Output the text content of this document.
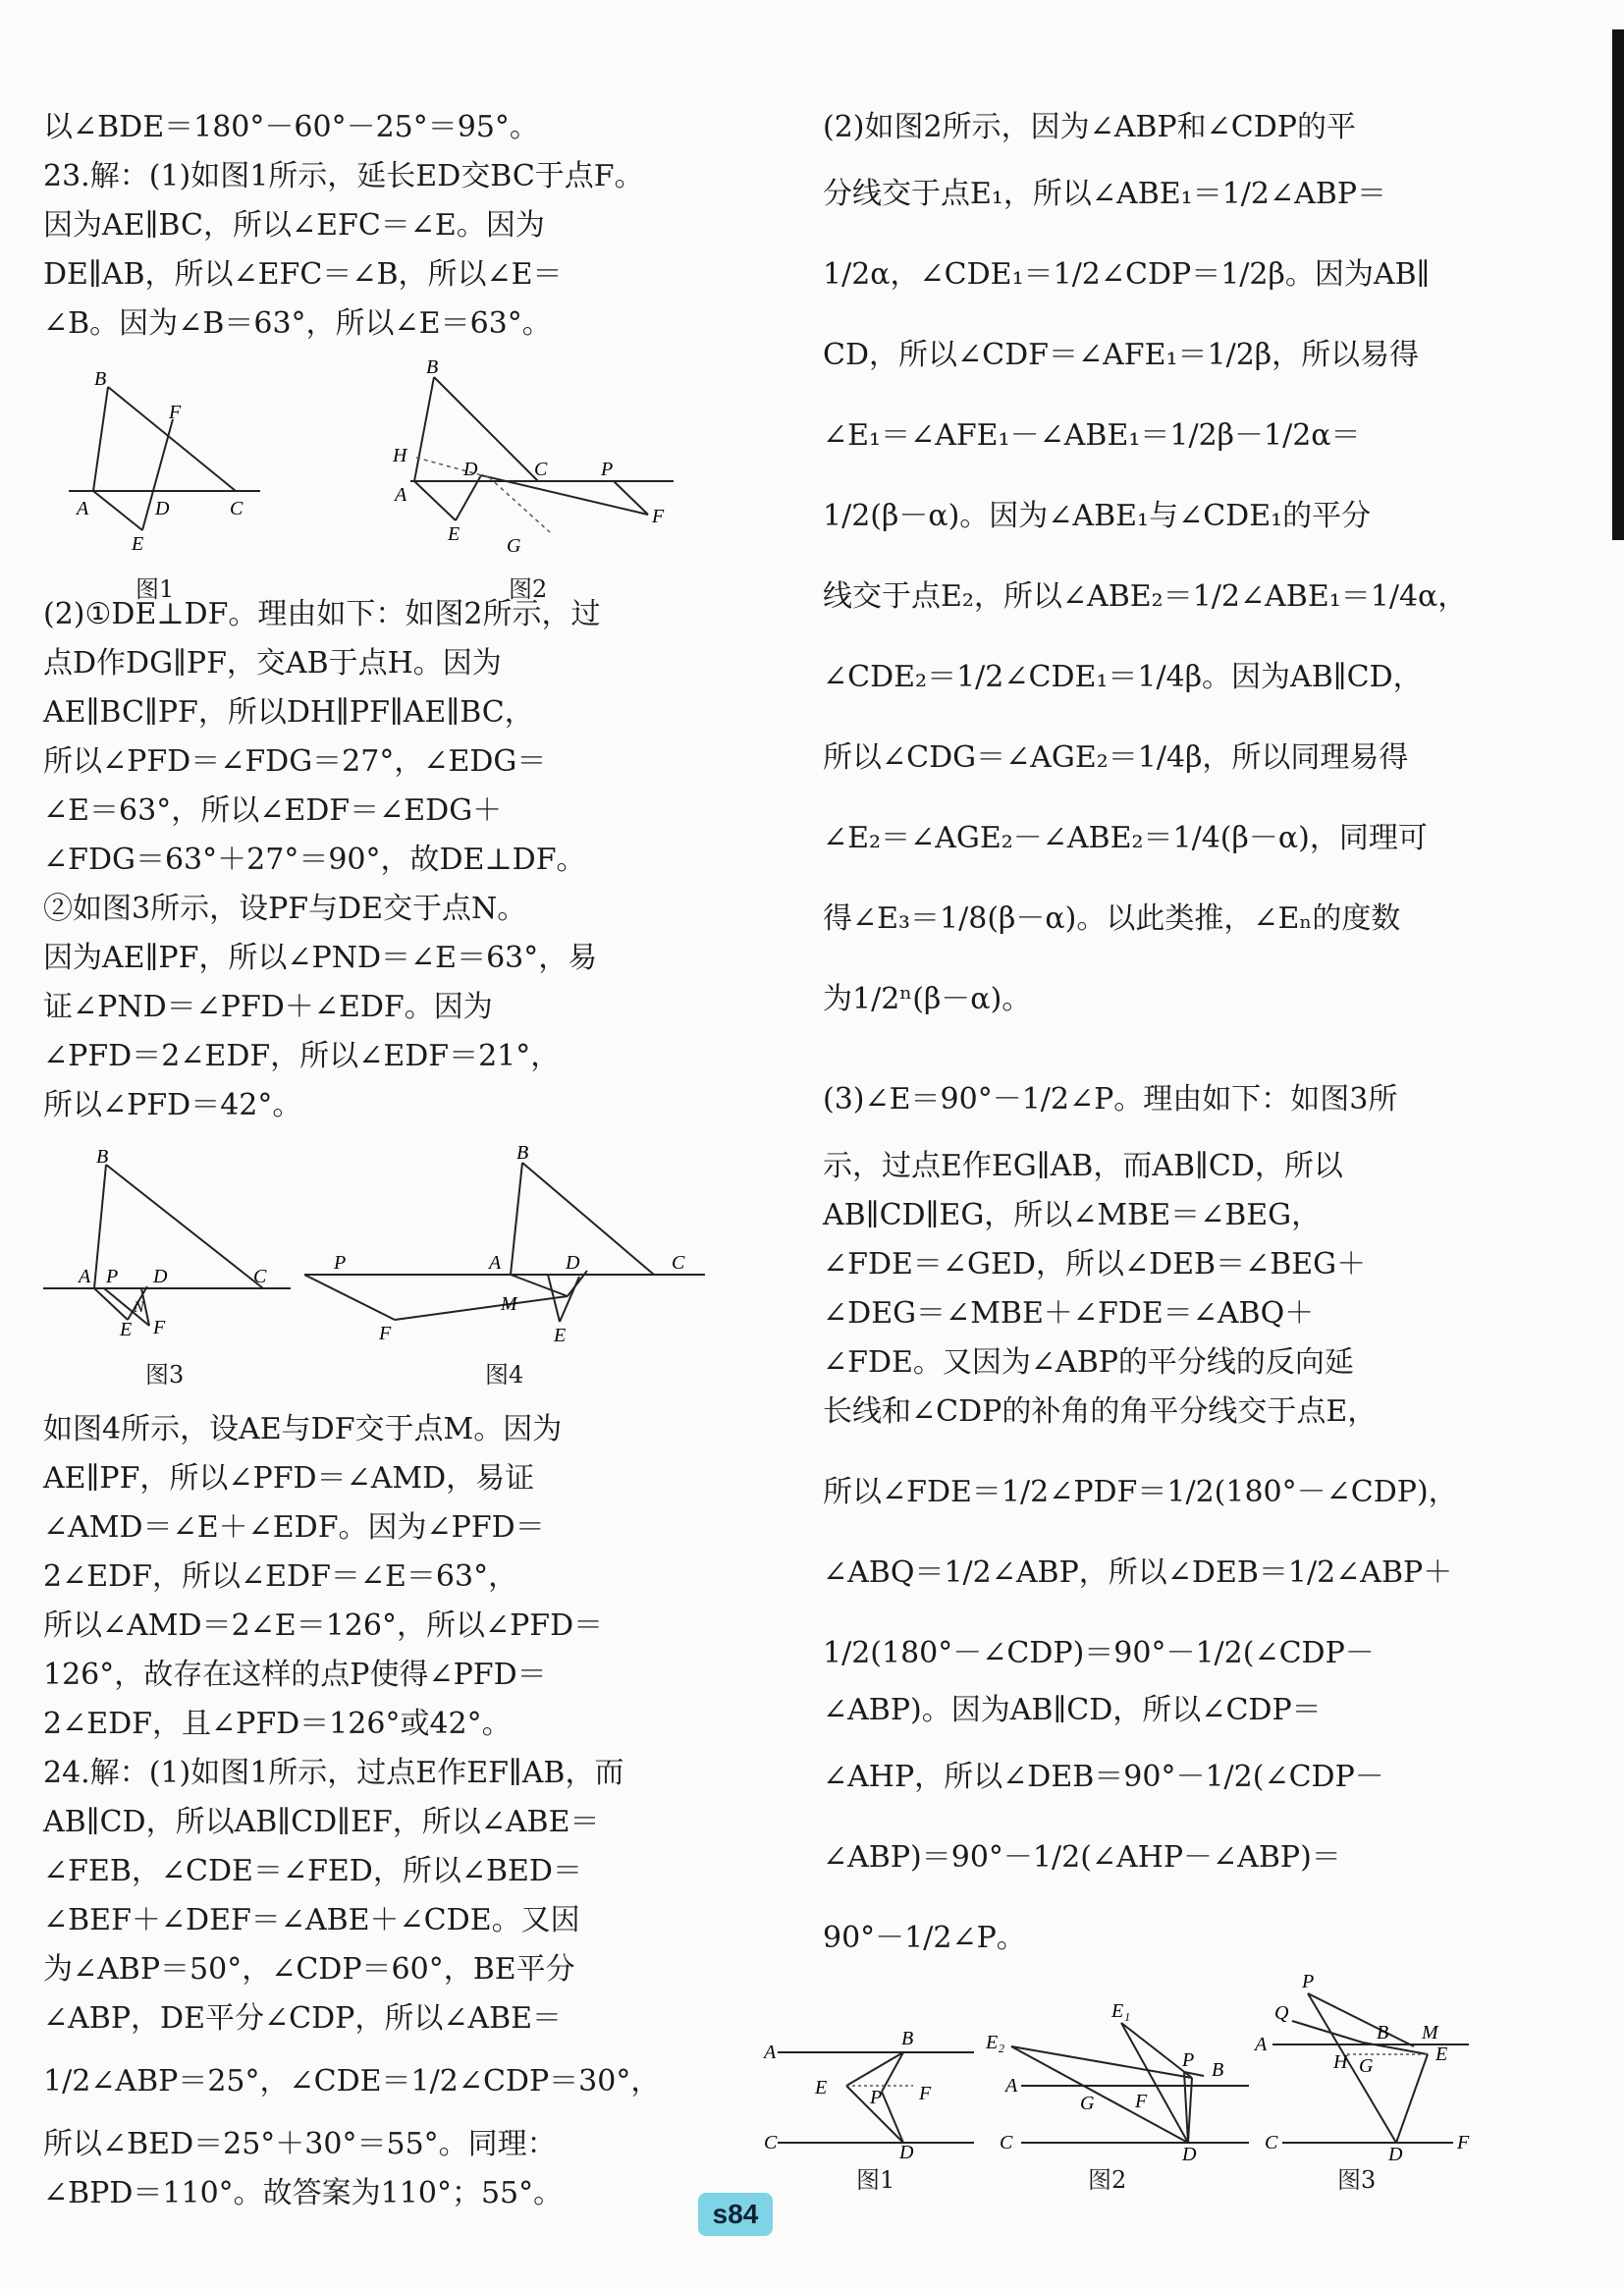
以∠BDE＝180°－60°－25°＝95°。
23.解：(1)如图1所示，延长ED交BC于点F。
因为AE∥BC，所以∠EFC＝∠E。因为
DE∥AB，所以∠EFC＝∠B，所以∠E＝
∠B。因为∠B＝63°，所以∠E＝63°。
(2)①DE⊥DF。理由如下：如图2所示，过
点D作DG∥PF，交AB于点H。因为
AE∥BC∥PF，所以DH∥PF∥AE∥BC，
所以∠PFD＝∠FDG＝27°，∠EDG＝
∠E＝63°，所以∠EDF＝∠EDG＋
∠FDG＝63°＋27°＝90°，故DE⊥DF。
②如图3所示，设PF与DE交于点N。
因为AE∥PF，所以∠PND＝∠E＝63°，易
证∠PND＝∠PFD＋∠EDF。因为
∠PFD＝2∠EDF，所以∠EDF＝21°，
所以∠PFD＝42°。
如图4所示，设AE与DF交于点M。因为
AE∥PF，所以∠PFD＝∠AMD，易证
∠AMD＝∠E＋∠EDF。因为∠PFD＝
2∠EDF，所以∠EDF＝∠E＝63°，
所以∠AMD＝2∠E＝126°，所以∠PFD＝
126°，故存在这样的点P使得∠PFD＝
2∠EDF，且∠PFD＝126°或42°。
24.解：(1)如图1所示，过点E作EF∥AB，而
AB∥CD，所以AB∥CD∥EF，所以∠ABE＝
∠FEB，∠CDE＝∠FED，所以∠BED＝
∠BEF＋∠DEF＝∠ABE＋∠CDE。又因
为∠ABP＝50°，∠CDP＝60°，BE平分
∠ABP，DE平分∠CDP，所以∠ABE＝
1/2∠ABP＝25°，∠CDE＝1/2∠CDP＝30°，
所以∠BED＝25°＋30°＝55°。同理：
∠BPD＝110°。故答案为110°；55°。
(2)如图2所示，因为∠ABP和∠CDP的平
分线交于点E₁，所以∠ABE₁＝1/2∠ABP＝
1/2α，∠CDE₁＝1/2∠CDP＝1/2β。因为AB∥
CD，所以∠CDF＝∠AFE₁＝1/2β，所以易得
∠E₁＝∠AFE₁－∠ABE₁＝1/2β－1/2α＝
1/2(β－α)。因为∠ABE₁与∠CDE₁的平分
线交于点E₂，所以∠ABE₂＝1/2∠ABE₁＝1/4α，
∠CDE₂＝1/2∠CDE₁＝1/4β。因为AB∥CD，
所以∠CDG＝∠AGE₂＝1/4β，所以同理易得
∠E₂＝∠AGE₂－∠ABE₂＝1/4(β－α)，同理可
得∠E₃＝1/8(β－α)。以此类推，∠Eₙ的度数
为1/2ⁿ(β－α)。
(3)∠E＝90°－1/2∠P。理由如下：如图3所
示，过点E作EG∥AB，而AB∥CD，所以
AB∥CD∥EG，所以∠MBE＝∠BEG，
∠FDE＝∠GED，所以∠DEB＝∠BEG＋
∠DEG＝∠MBE＋∠FDE＝∠ABQ＋
∠FDE。又因为∠ABP的平分线的反向延
长线和∠CDP的补角的角平分线交于点E，
所以∠FDE＝1/2∠PDF＝1/2(180°－∠CDP)，
∠ABQ＝1/2∠ABP，所以∠DEB＝1/2∠ABP＋
1/2(180°－∠CDP)＝90°－1/2(∠CDP－
∠ABP)。因为AB∥CD，所以∠CDP＝
∠AHP，所以∠DEB＝90°－1/2(∠CDP－
∠ABP)＝90°－1/2(∠AHP－∠ABP)＝
90°－1/2∠P。
B
F
A	D	C
E
图1
B
H
D	C	P
A
E
G
F
图2
B
A P D	C
N
E F
图3
B
P	A	D	C
M
F	E
图4
A
B
E P F
C	D
图1
E₂
E₁
A
G F
P B
C
D
图2
P
Q
A
B M
H G
E
C
D
F
图3
s84
